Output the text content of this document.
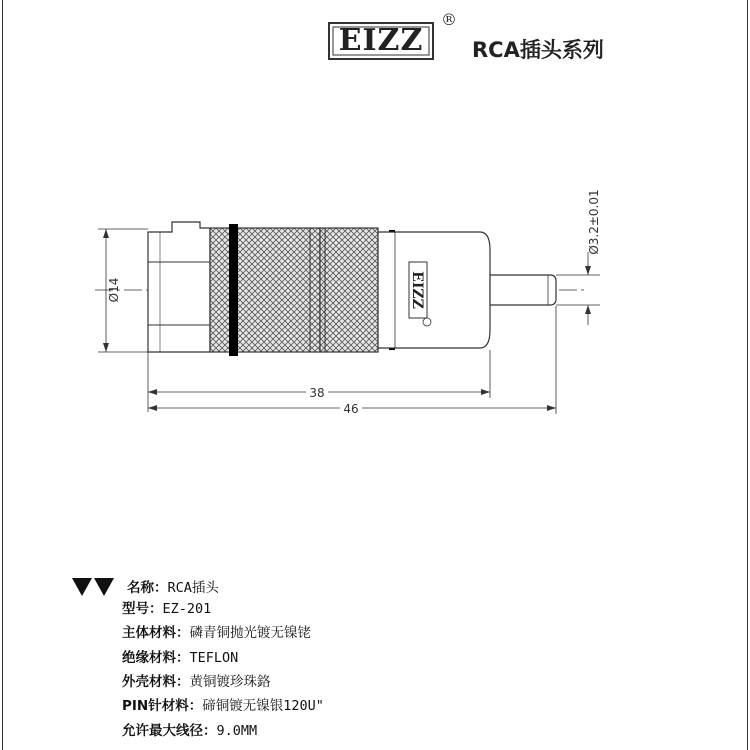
EIZZ
®
RCA插头系列
EIZZ
Ø14
Ø3.2±0.01
38
46
名称：RCA插头
型号：EZ-201
主体材料：磷青铜抛光镀无镍铑
绝缘材料：TEFLON
外壳材料：黄铜镀珍珠鉻
PIN针材料：碲铜镀无镍银120U"
允许最大线径：9.0MM
